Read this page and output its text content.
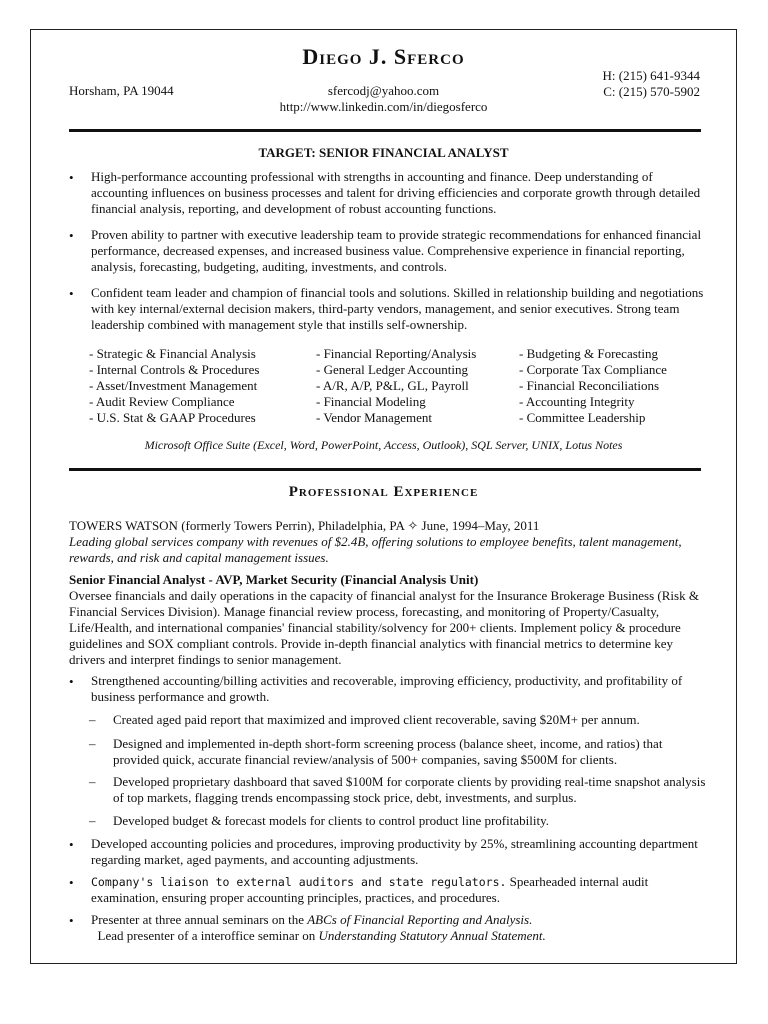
Diego J. Sferco
Horsham, PA 19044	sfercodj@yahoo.com
http://www.linkedin.com/in/diegosferco
H: (215) 641-9344
C: (215) 570-5902
TARGET: SENIOR FINANCIAL ANALYST
• High-performance accounting professional with strengths in accounting and finance. Deep understanding of accounting influences on business processes and talent for driving efficiencies and corporate growth through detailed financial analysis, reporting, and development of robust accounting functions.
• Proven ability to partner with executive leadership team to provide strategic recommendations for enhanced financial performance, decreased expenses, and increased business value. Comprehensive experience in financial reporting, analysis, forecasting, budgeting, auditing, investments, and controls.
• Confident team leader and champion of financial tools and solutions. Skilled in relationship building and negotiations with key internal/external decision makers, third-party vendors, management, and senior executives. Strong team leadership combined with management style that instills self-ownership.
- Strategic & Financial Analysis
- Internal Controls & Procedures
- Asset/Investment Management
- Audit Review Compliance
- U.S. Stat & GAAP Procedures
- Financial Reporting/Analysis
- General Ledger Accounting
- A/R, A/P, P&L, GL, Payroll
- Financial Modeling
- Vendor Management
- Budgeting & Forecasting
- Corporate Tax Compliance
- Financial Reconciliations
- Accounting Integrity
- Committee Leadership
Microsoft Office Suite (Excel, Word, PowerPoint, Access, Outlook), SQL Server, UNIX, Lotus Notes
Professional Experience
TOWERS WATSON (formerly Towers Perrin), Philadelphia, PA ✧ June, 1994–May, 2011
Leading global services company with revenues of $2.4B, offering solutions to employee benefits, talent management, rewards, and risk and capital management issues.
Senior Financial Analyst - AVP, Market Security (Financial Analysis Unit)
Oversee financials and daily operations in the capacity of financial analyst for the Insurance Brokerage Business (Risk & Financial Services Division). Manage financial review process, forecasting, and monitoring of Property/Casualty, Life/Health, and international companies' financial stability/solvency for 200+ clients. Implement policy & procedure guidelines and SOX compliant controls. Provide in-depth financial analytics with financial metrics to determine key drivers and interpret findings to senior management.
• Strengthened accounting/billing activities and recoverable, improving efficiency, productivity, and profitability of business performance and growth.
– Created aged paid report that maximized and improved client recoverable, saving $20M+ per annum.
– Designed and implemented in-depth short-form screening process (balance sheet, income, and ratios) that provided quick, accurate financial review/analysis of 500+ companies, saving $500M for clients.
– Developed proprietary dashboard that saved $100M for corporate clients by providing real-time snapshot analysis of top markets, flagging trends encompassing stock price, debt, investments, and surplus.
– Developed budget & forecast models for clients to control product line profitability.
• Developed accounting policies and procedures, improving productivity by 25%, streamlining accounting department regarding market, aged payments, and accounting adjustments.
• Company's liaison to external auditors and state regulators. Spearheaded internal audit examination, ensuring proper accounting principles, practices, and procedures.
• Presenter at three annual seminars on the ABCs of Financial Reporting and Analysis.  Lead presenter of a interoffice seminar on Understanding Statutory Annual Statement.
